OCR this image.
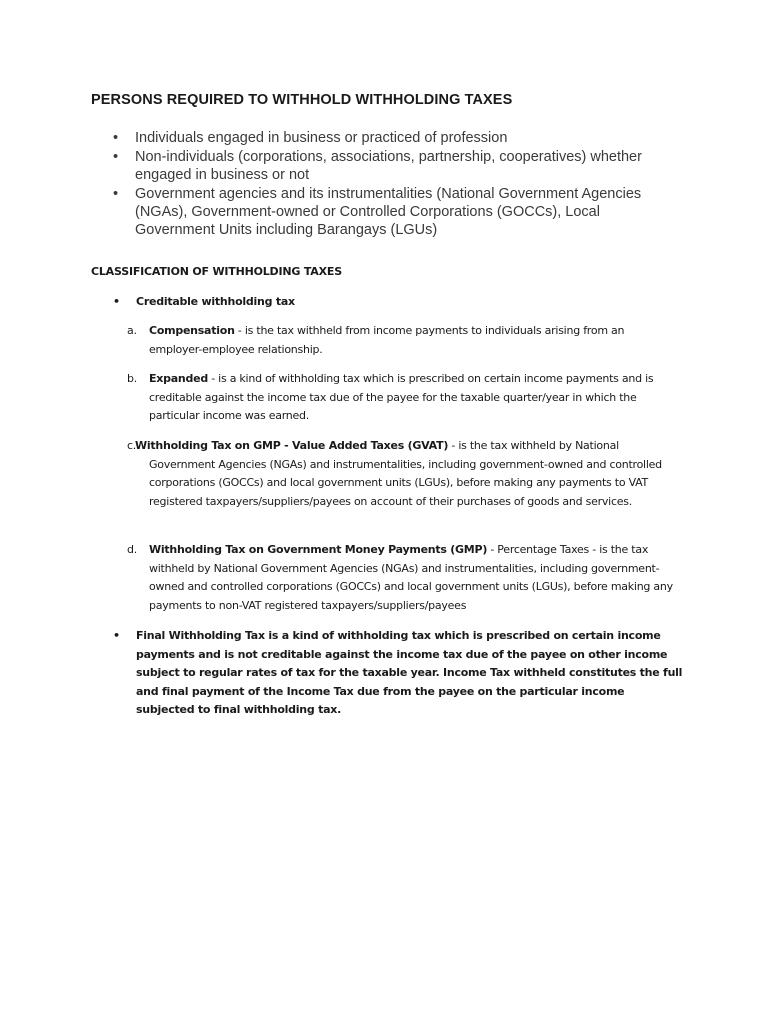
PERSONS REQUIRED TO WITHHOLD WITHHOLDING TAXES
• Individuals engaged in business or practiced of profession
• Non-individuals (corporations, associations, partnership, cooperatives) whether engaged in business or not
• Government agencies and its instrumentalities (National Government Agencies (NGAs), Government-owned or Controlled Corporations (GOCCs), Local Government Units including Barangays (LGUs)
CLASSIFICATION OF WITHHOLDING TAXES
• Creditable withholding tax
a. Compensation - is the tax withheld from income payments to individuals arising from an employer-employee relationship.
b. Expanded - is a kind of withholding tax which is prescribed on certain income payments and is creditable against the income tax due of the payee for the taxable quarter/year in which the particular income was earned.
c.
Withholding Tax on GMP - Value Added Taxes (GVAT) - is the tax withheld by National Government Agencies (NGAs) and instrumentalities, including government-owned and controlled corporations (GOCCs) and local government units (LGUs), before making any payments to VAT registered taxpayers/suppliers/payees on account of their purchases of goods and services.
d. Withholding Tax on Government Money Payments (GMP) - Percentage Taxes - is the tax withheld by National Government Agencies (NGAs) and instrumentalities, including government-owned and controlled corporations (GOCCs) and local government units (LGUs), before making any payments to non-VAT registered taxpayers/suppliers/payees
• Final Withholding Tax is a kind of withholding tax which is prescribed on certain income payments and is not creditable against the income tax due of the payee on other income subject to regular rates of tax for the taxable year. Income Tax withheld constitutes the full and final payment of the Income Tax due from the payee on the particular income subjected to final withholding tax.
